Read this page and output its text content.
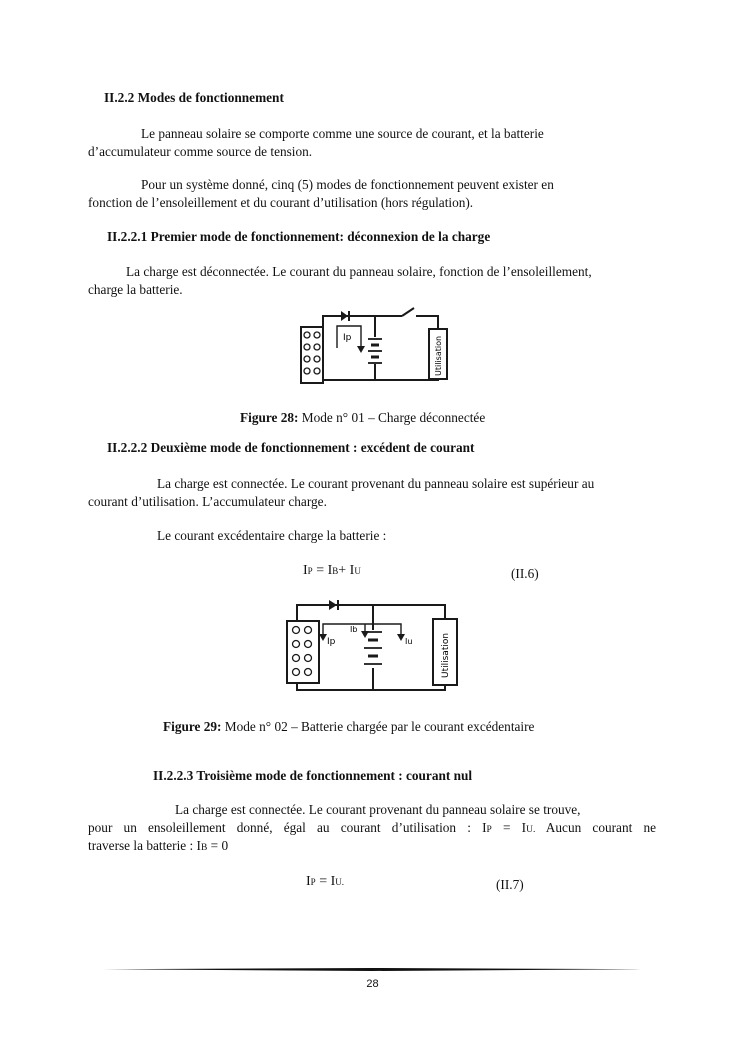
II.2.2 Modes de fonctionnement
Le panneau solaire se comporte comme une source de courant, et la batterie
d’accumulateur comme source de tension.
Pour un système donné, cinq (5) modes de fonctionnement peuvent exister en
fonction de l’ensoleillement et du courant d’utilisation (hors régulation).
II.2.2.1 Premier mode de fonctionnement: déconnexion de la charge
La charge est déconnectée. Le courant du panneau solaire, fonction de l’ensoleillement,
charge la batterie.
Ip	Utilisation
Figure 28: Mode n° 01 – Charge déconnectée
II.2.2.2 Deuxième mode de fonctionnement : excédent de courant
La charge est connectée. Le courant provenant du panneau solaire est supérieur au
courant d’utilisation. L’accumulateur charge.
Le courant excédentaire charge la batterie :
IP = IB+ IU	(II.6)
Ip
Ib
Iu	Utilisation
Figure 29: Mode n° 02 – Batterie chargée par le courant excédentaire
II.2.2.3 Troisième mode de fonctionnement : courant nul
La charge est connectée. Le courant provenant du panneau solaire se trouve,
pour un ensoleillement donné, égal au courant d’utilisation : IP = IU. Aucun courant ne
traverse la batterie : IB = 0
IP = IU.	(II.7)
28
